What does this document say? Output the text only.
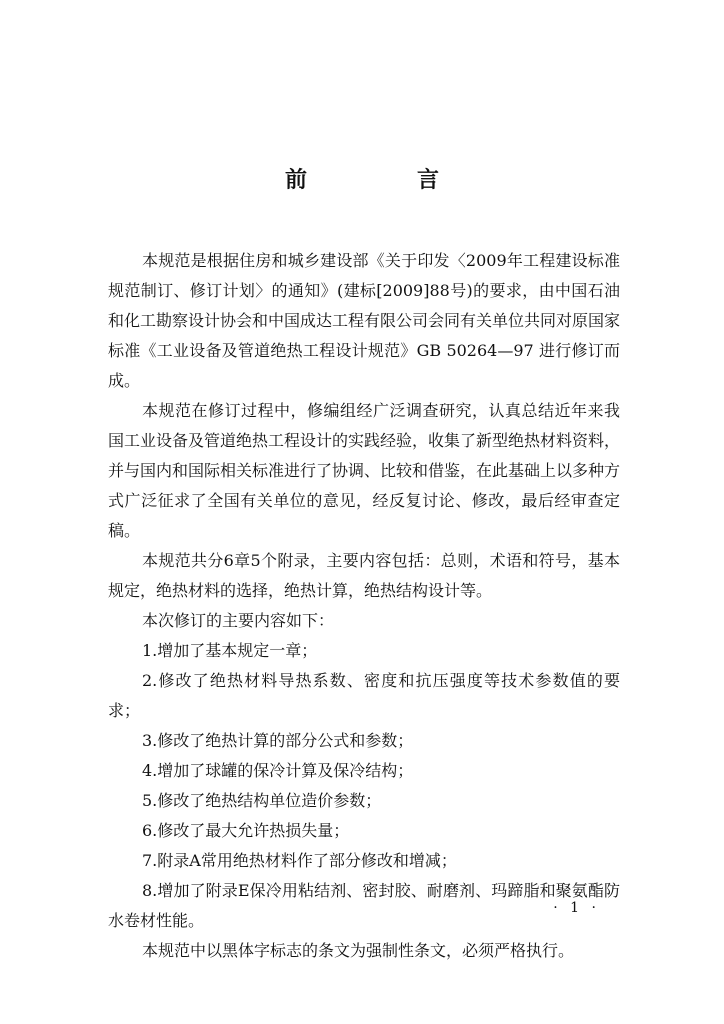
前　言

本规范是根据住房和城乡建设部《关于印发〈2009年工程建设标准规范制订、修订计划〉的通知》(建标[2009]88号)的要求，由中国石油和化工勘察设计协会和中国成达工程有限公司会同有关单位共同对原国家标准《工业设备及管道绝热工程设计规范》GB 50264—97 进行修订而成。

本规范在修订过程中，修编组经广泛调查研究，认真总结近年来我国工业设备及管道绝热工程设计的实践经验，收集了新型绝热材料资料，并与国内和国际相关标准进行了协调、比较和借鉴，在此基础上以多种方式广泛征求了全国有关单位的意见，经反复讨论、修改，最后经审查定稿。

本规范共分6章5个附录，主要内容包括：总则，术语和符号，基本规定，绝热材料的选择，绝热计算，绝热结构设计等。

本次修订的主要内容如下：

1.增加了基本规定一章；

2.修改了绝热材料导热系数、密度和抗压强度等技术参数值的要求；

3.修改了绝热计算的部分公式和参数；

4.增加了球罐的保冷计算及保冷结构；

5.修改了绝热结构单位造价参数；

6.修改了最大允许热损失量；

7.附录A常用绝热材料作了部分修改和增减；

8.增加了附录E保冷用粘结剂、密封胶、耐磨剂、玛蹄脂和聚氨酯防水卷材性能。

本规范中以黑体字标志的条文为强制性条文，必须严格执行。

· 1 ·
